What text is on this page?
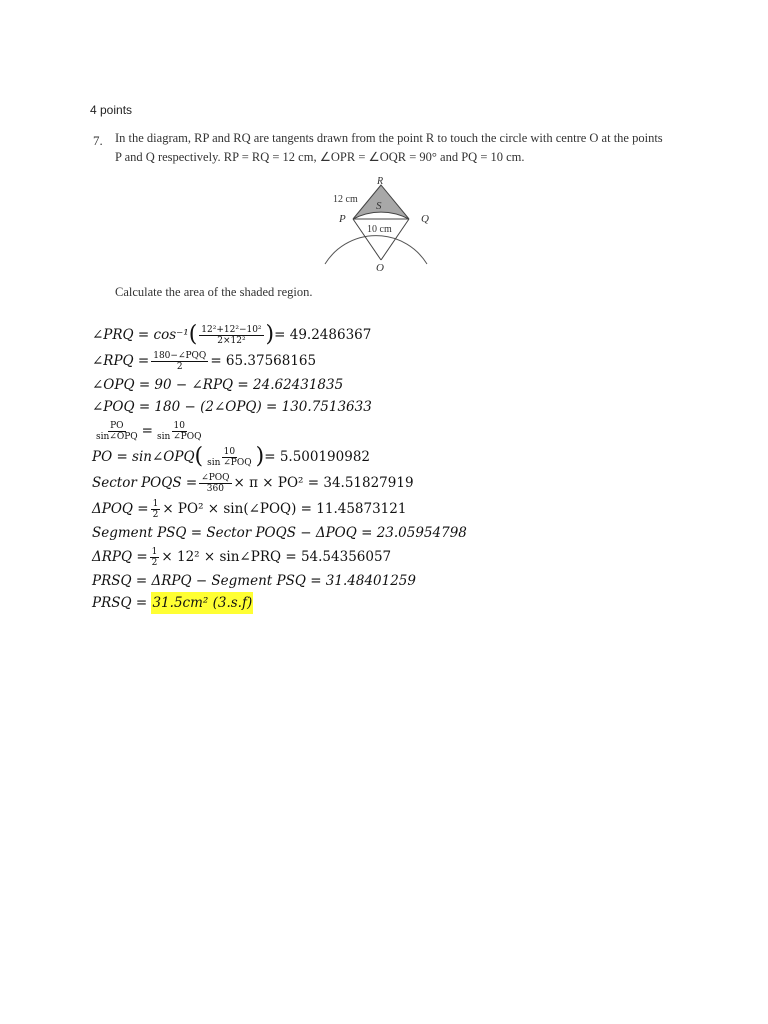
4 points
7. In the diagram, RP and RQ are tangents drawn from the point R to touch the circle with centre O at the points
P and Q respectively. RP = RQ = 12 cm, ∠OPR = ∠OQR = 90° and PQ = 10 cm.
R
12 cm
S
P	Q
10 cm
O
Calculate the area of the shaded region.
∠PRQ = cos⁻¹ ( $\frac{\text{12²+12²−10²}}{\text{2×12²}}$ ) = 49.2486367
∠RPQ = $\frac{\text{180−∠PQQ}}{2} = 65.37568165$
∠OPQ = 90 − ∠RPQ = 24.62431835
∠POQ = 180 − (2∠OPQ) = 130.7513633
$\frac{PO}{\text{sin∠OPQ}} = \frac{10}{\text{sin ∠POQ}}$
PO = sin∠OPQ ( $\frac{10}{\text{sin ∠POQ}}$ ) = 5.500190982
Sector POQS = $\frac{\text{∠POQ}}{360} \times \pi \times PO^2 = 34.51827919$
$\Delta POQ = \frac{1}{2} \times PO^2$ × sin(∠POQ) = 11.45873121
Segment PSQ = Sector POQS − ΔPOQ = 23.05954798
$\Delta RPQ = \frac{1}{2} \times 12^2$ × sin∠PRQ = 54.54356057
PRSQ = ΔRPQ − Segment PSQ = 31.48401259
PRSQ =
31.5cm² (3.s.f)
